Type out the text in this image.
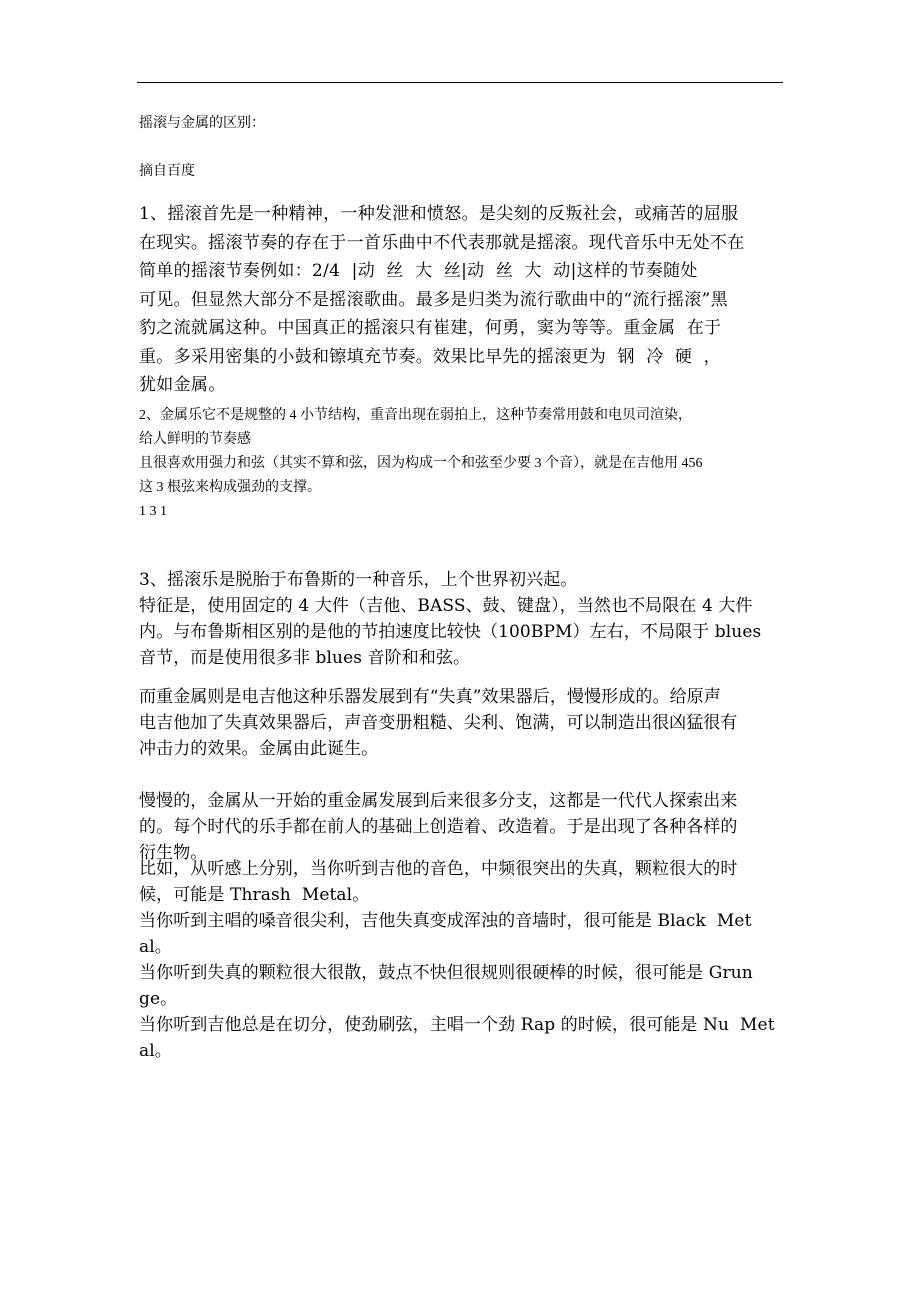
摇滚与金属的区别：
摘自百度
1、摇滚首先是一种精神，一种发泄和愤怒。是尖刻的反叛社会，或痛苦的屈服
在现实。摇滚节奏的存在于一首乐曲中不代表那就是摇滚。现代音乐中无处不在
简单的摇滚节奏例如：2/4  |动  丝  大  丝|动  丝  大  动|这样的节奏随处
可见。但显然大部分不是摇滚歌曲。最多是归类为流行歌曲中的“流行摇滚”黑
豹之流就属这种。中国真正的摇滚只有崔建，何勇，窦为等等。重金属  在于
重。多采用密集的小鼓和镲填充节奏。效果比早先的摇滚更为  钢  冷  硬  ，
犹如金属。
2、金属乐它不是规整的 4 小节结构，重音出现在弱拍上，这种节奏常用鼓和电贝司渲染，
给人鲜明的节奏感
且很喜欢用强力和弦（其实不算和弦，因为构成一个和弦至少要 3 个音），就是在吉他用 456
这 3 根弦来构成强劲的支撑。
1 3 1
3、摇滚乐是脱胎于布鲁斯的一种音乐，上个世界初兴起。
特征是，使用固定的 4 大件（吉他、BASS、鼓、键盘），当然也不局限在 4 大件
内。与布鲁斯相区别的是他的节拍速度比较快（100BPM）左右，不局限于 blues
音节，而是使用很多非 blues 音阶和和弦。
而重金属则是电吉他这种乐器发展到有“失真”效果器后，慢慢形成的。给原声
电吉他加了失真效果器后，声音变册粗糙、尖利、饱满，可以制造出很凶猛很有
冲击力的效果。金属由此诞生。
慢慢的，金属从一开始的重金属发展到后来很多分支，这都是一代代人探索出来
的。每个时代的乐手都在前人的基础上创造着、改造着。于是出现了各种各样的
衍生物。
比如，从听感上分别，当你听到吉他的音色，中频很突出的失真，颗粒很大的时
候，可能是 Thrash  Metal。
当你听到主唱的嗓音很尖利，吉他失真变成浑浊的音墙时，很可能是 Black  Met
al。
当你听到失真的颗粒很大很散，鼓点不快但很规则很硬棒的时候，很可能是 Grun
ge。
当你听到吉他总是在切分，使劲刷弦，主唱一个劲 Rap 的时候，很可能是 Nu  Met
al。
